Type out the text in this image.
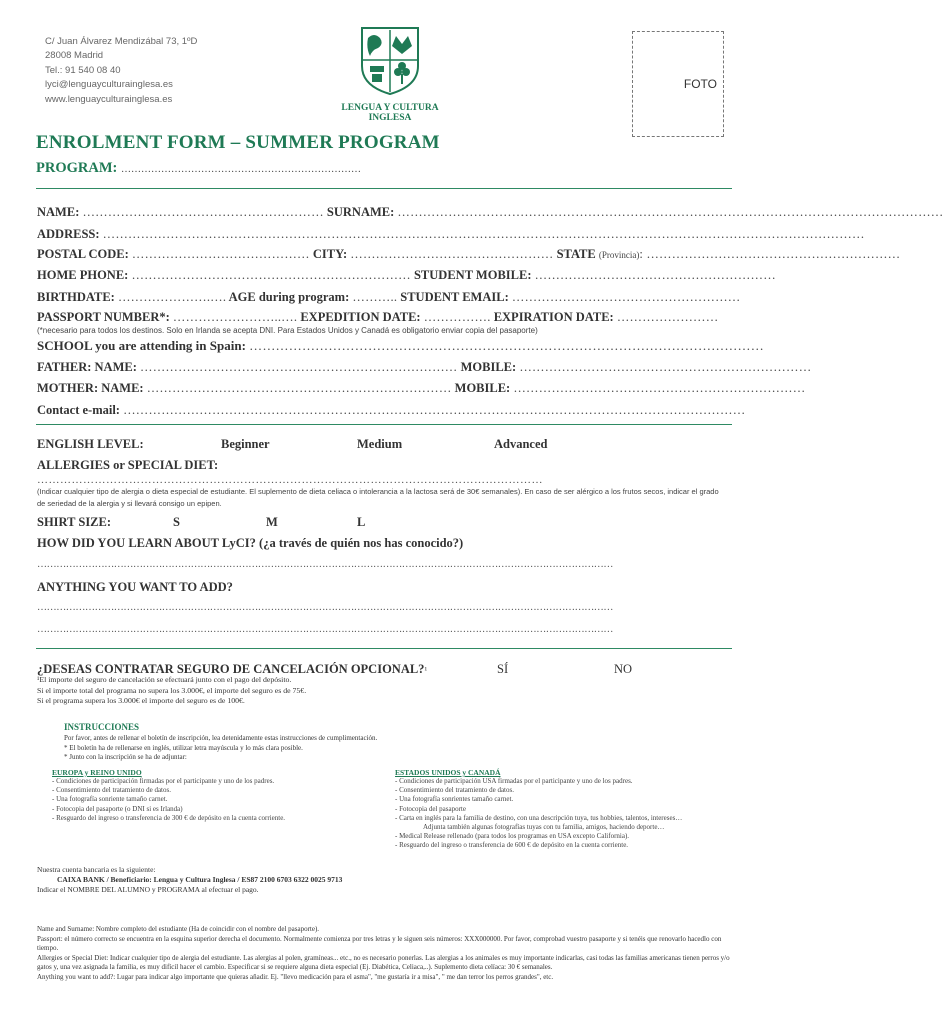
C/ Juan Álvarez Mendizábal 73, 1ºD
28008 Madrid
Tel.: 91 540 08 40
lyci@lenguayculturainglesa.es
www.lenguayculturainglesa.es
LENGUA Y CULTURA
INGLESA
FOTO
ENROLMENT FORM – SUMMER PROGRAM
PROGRAM: ………………………………………………………………
NAME: ………………………………………………… SURNAME: …………………………………………………………………………………………………………………
ADDRESS: ………………………………………………………………………………………………………………………………………………………………
POSTAL CODE: …………………………………… CITY: ………………………………………… STATE (Provincia): ……………………………………………………
HOME PHONE: ………………………………………………………… STUDENT MOBILE: …………………………………………………
BIRTHDATE: ………………….…. AGE during program: ……….. STUDENT EMAIL: ………………………………………………
PASSPORT NUMBER*: ……………………..…. EXPEDITION DATE: ……………. EXPIRATION DATE: ……………………
(*necesario para todos los destinos. Solo en Irlanda se acepta DNI. Para Estados Unidos y Canadá es obligatorio enviar copia del pasaporte)
SCHOOL you are attending in Spain: ………………………………………………………………………………………………………
FATHER: NAME: ………………………………………………………………… MOBILE: ……………………………………………………………
MOTHER: NAME: ……………………………………………………………… MOBILE: ……………………………………………………………
Contact e-mail: …………………………………………………………………………………………………………………………………
ENGLISH LEVEL:	Beginner	Medium	Advanced
ALLERGIES or SPECIAL DIET:
……………………………………………………………………………………………………………………
(Indicar cualquier tipo de alergia o dieta especial de estudiante. El suplemento de dieta celiaca o intolerancia a la lactosa será de 30€ semanales). En caso de ser alérgico a los frutos secos, indicar el grado de seriedad de la alergia y si llevará consigo un epipen.
SHIRT SIZE:	S	M	L
HOW DID YOU LEARN ABOUT LyCI? (¿a través de quién nos has conocido?)
………………………………………………………………………………………………………………………………………………………………
ANYTHING YOU WANT TO ADD?
………………………………………………………………………………………………………………………………………………………………
………………………………………………………………………………………………………………………………………………………………
¿DESEAS CONTRATAR SEGURO DE CANCELACIÓN OPCIONAL?¹	SÍ	NO
¹El importe del seguro de cancelación se efectuará junto con el pago del depósito.
Si el importe total del programa no supera los 3.000€, el importe del seguro es de 75€.
Si el programa supera los 3.000€ el importe del seguro es de 100€.
INSTRUCCIONES
Por favor, antes de rellenar el boletín de inscripción, lea detenidamente estas instrucciones de cumplimentación.
* El boletín ha de rellenarse en inglés, utilizar letra mayúscula y lo más clara posible.
* Junto con la inscripción se ha de adjuntar:
EUROPA y REINO UNIDO
- Condiciones de participación firmadas por el participante y uno de los padres.
- Consentimiento del tratamiento de datos.
- Una fotografía sonriente tamaño carnet.
- Fotocopia del pasaporte (o DNI si es Irlanda)
- Resguardo del ingreso o transferencia de 300 € de depósito en la cuenta corriente.
ESTADOS UNIDOS y CANADÁ
- Condiciones de participación USA firmadas por el participante y uno de los padres.
- Consentimiento del tratamiento de datos.
- Una fotografía sonrientes tamaño carnet.
- Fotocopia del pasaporte
- Carta en inglés para la familia de destino, con una descripción tuya, tus hobbies, talentos, intereses…
Adjunta también algunas fotografías tuyas con tu familia, amigos, haciendo deporte…
- Medical Release rellenado (para todos los programas en USA excepto California).
- Resguardo del ingreso o transferencia de 600 € de depósito en la cuenta corriente.
Nuestra cuenta bancaria es la siguiente:
CAIXA BANK / Beneficiario: Lengua y Cultura Inglesa / ES87 2100 6703 6322 0025 9713
Indicar el NOMBRE DEL ALUMNO y PROGRAMA al efectuar el pago.
Name and Surname: Nombre completo del estudiante (Ha de coincidir con el nombre del pasaporte).
Passport: el número correcto se encuentra en la esquina superior derecha el documento. Normalmente comienza por tres letras y le siguen seis números: XXX000000. Por favor, comprobad vuestro pasaporte y si tenéis que renovarlo hacedlo con tiempo.
Allergies or Special Diet: Indicar cualquier tipo de alergia del estudiante. Las alergias al polen, gramíneas... etc., no es necesario ponerlas. Las alergias a los animales es muy importante indicarlas, casi todas las familias americanas tienen perros y/o gatos y, una vez asignada la familia, es muy difícil hacer el cambio. Especificar si se requiere alguna dieta especial (Ej. Diabética, Celiaca,..). Suplemento dieta celíaca: 30 € semanales.
Anything you want to add?: Lugar para indicar algo importante que quieras añadir. Ej. "llevo medicación para el asma", "me gustaría ir a misa", " me dan terror los perros grandes", etc.
